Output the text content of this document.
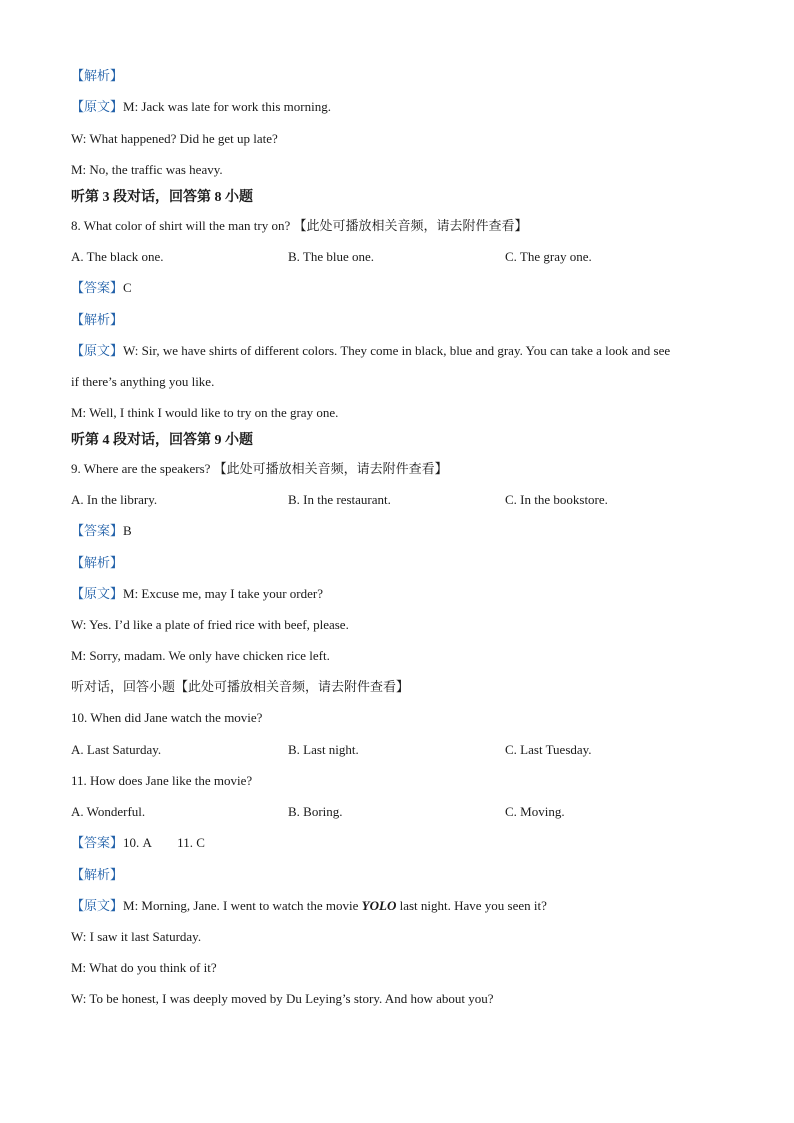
【解析】
【原文】M: Jack was late for work this morning.
W: What happened? Did he get up late?
M: No, the traffic was heavy.
听第 3 段对话，回答第 8 小题
8. What color of shirt will the man try on? 【此处可播放相关音频，请去附件查看】
A. The black one.	B. The blue one.	C. The gray one.
【答案】C
【解析】
【原文】W: Sir, we have shirts of different colors. They come in black, blue and gray. You can take a look and see
if there’s anything you like.
M: Well, I think I would like to try on the gray one.
听第 4 段对话，回答第 9 小题
9. Where are the speakers? 【此处可播放相关音频，请去附件查看】
A. In the library.	B. In the restaurant.	C. In the bookstore.
【答案】B
【解析】
【原文】M: Excuse me, may I take your order?
W: Yes. I’d like a plate of fried rice with beef, please.
M: Sorry, madam. We only have chicken rice left.
听对话，回答小题【此处可播放相关音频，请去附件查看】
10. When did Jane watch the movie?
A. Last Saturday.	B. Last night.	C. Last Tuesday.
11. How does Jane like the movie?
A. Wonderful.	B. Boring.	C. Moving.
【答案】10. A        11. C
【解析】
【原文】M: Morning, Jane. I went to watch the movie YOLO last night. Have you seen it?
W: I saw it last Saturday.
M: What do you think of it?
W: To be honest, I was deeply moved by Du Leying’s story. And how about you?
